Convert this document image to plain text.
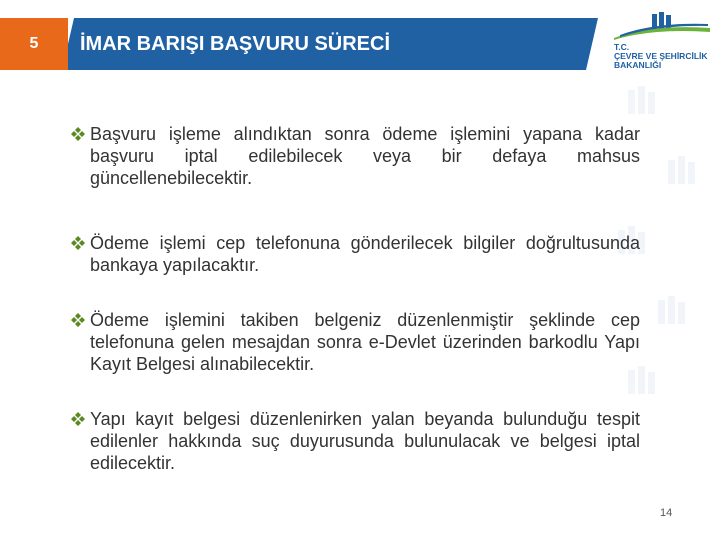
5	İMAR BARIŞI BAŞVURU SÜRECİ	T.C.
ÇEVRE VE ŞEHİRCİLİK
BAKANLIĞI
Başvuru işleme alındıktan sonra ödeme işlemini yapana kadar başvuru iptal edilebilecek veya bir defaya mahsus güncellenebilecektir.
Ödeme işlemi cep telefonuna gönderilecek bilgiler doğrultusunda bankaya yapılacaktır.
Ödeme işlemini takiben belgeniz düzenlenmiştir şeklinde cep telefonuna gelen mesajdan sonra e-Devlet üzerinden barkodlu Yapı Kayıt Belgesi alınabilecektir.
Yapı kayıt belgesi düzenlenirken yalan beyanda bulunduğu tespit edilenler hakkında suç duyurusunda bulunulacak ve belgesi iptal edilecektir.
14
